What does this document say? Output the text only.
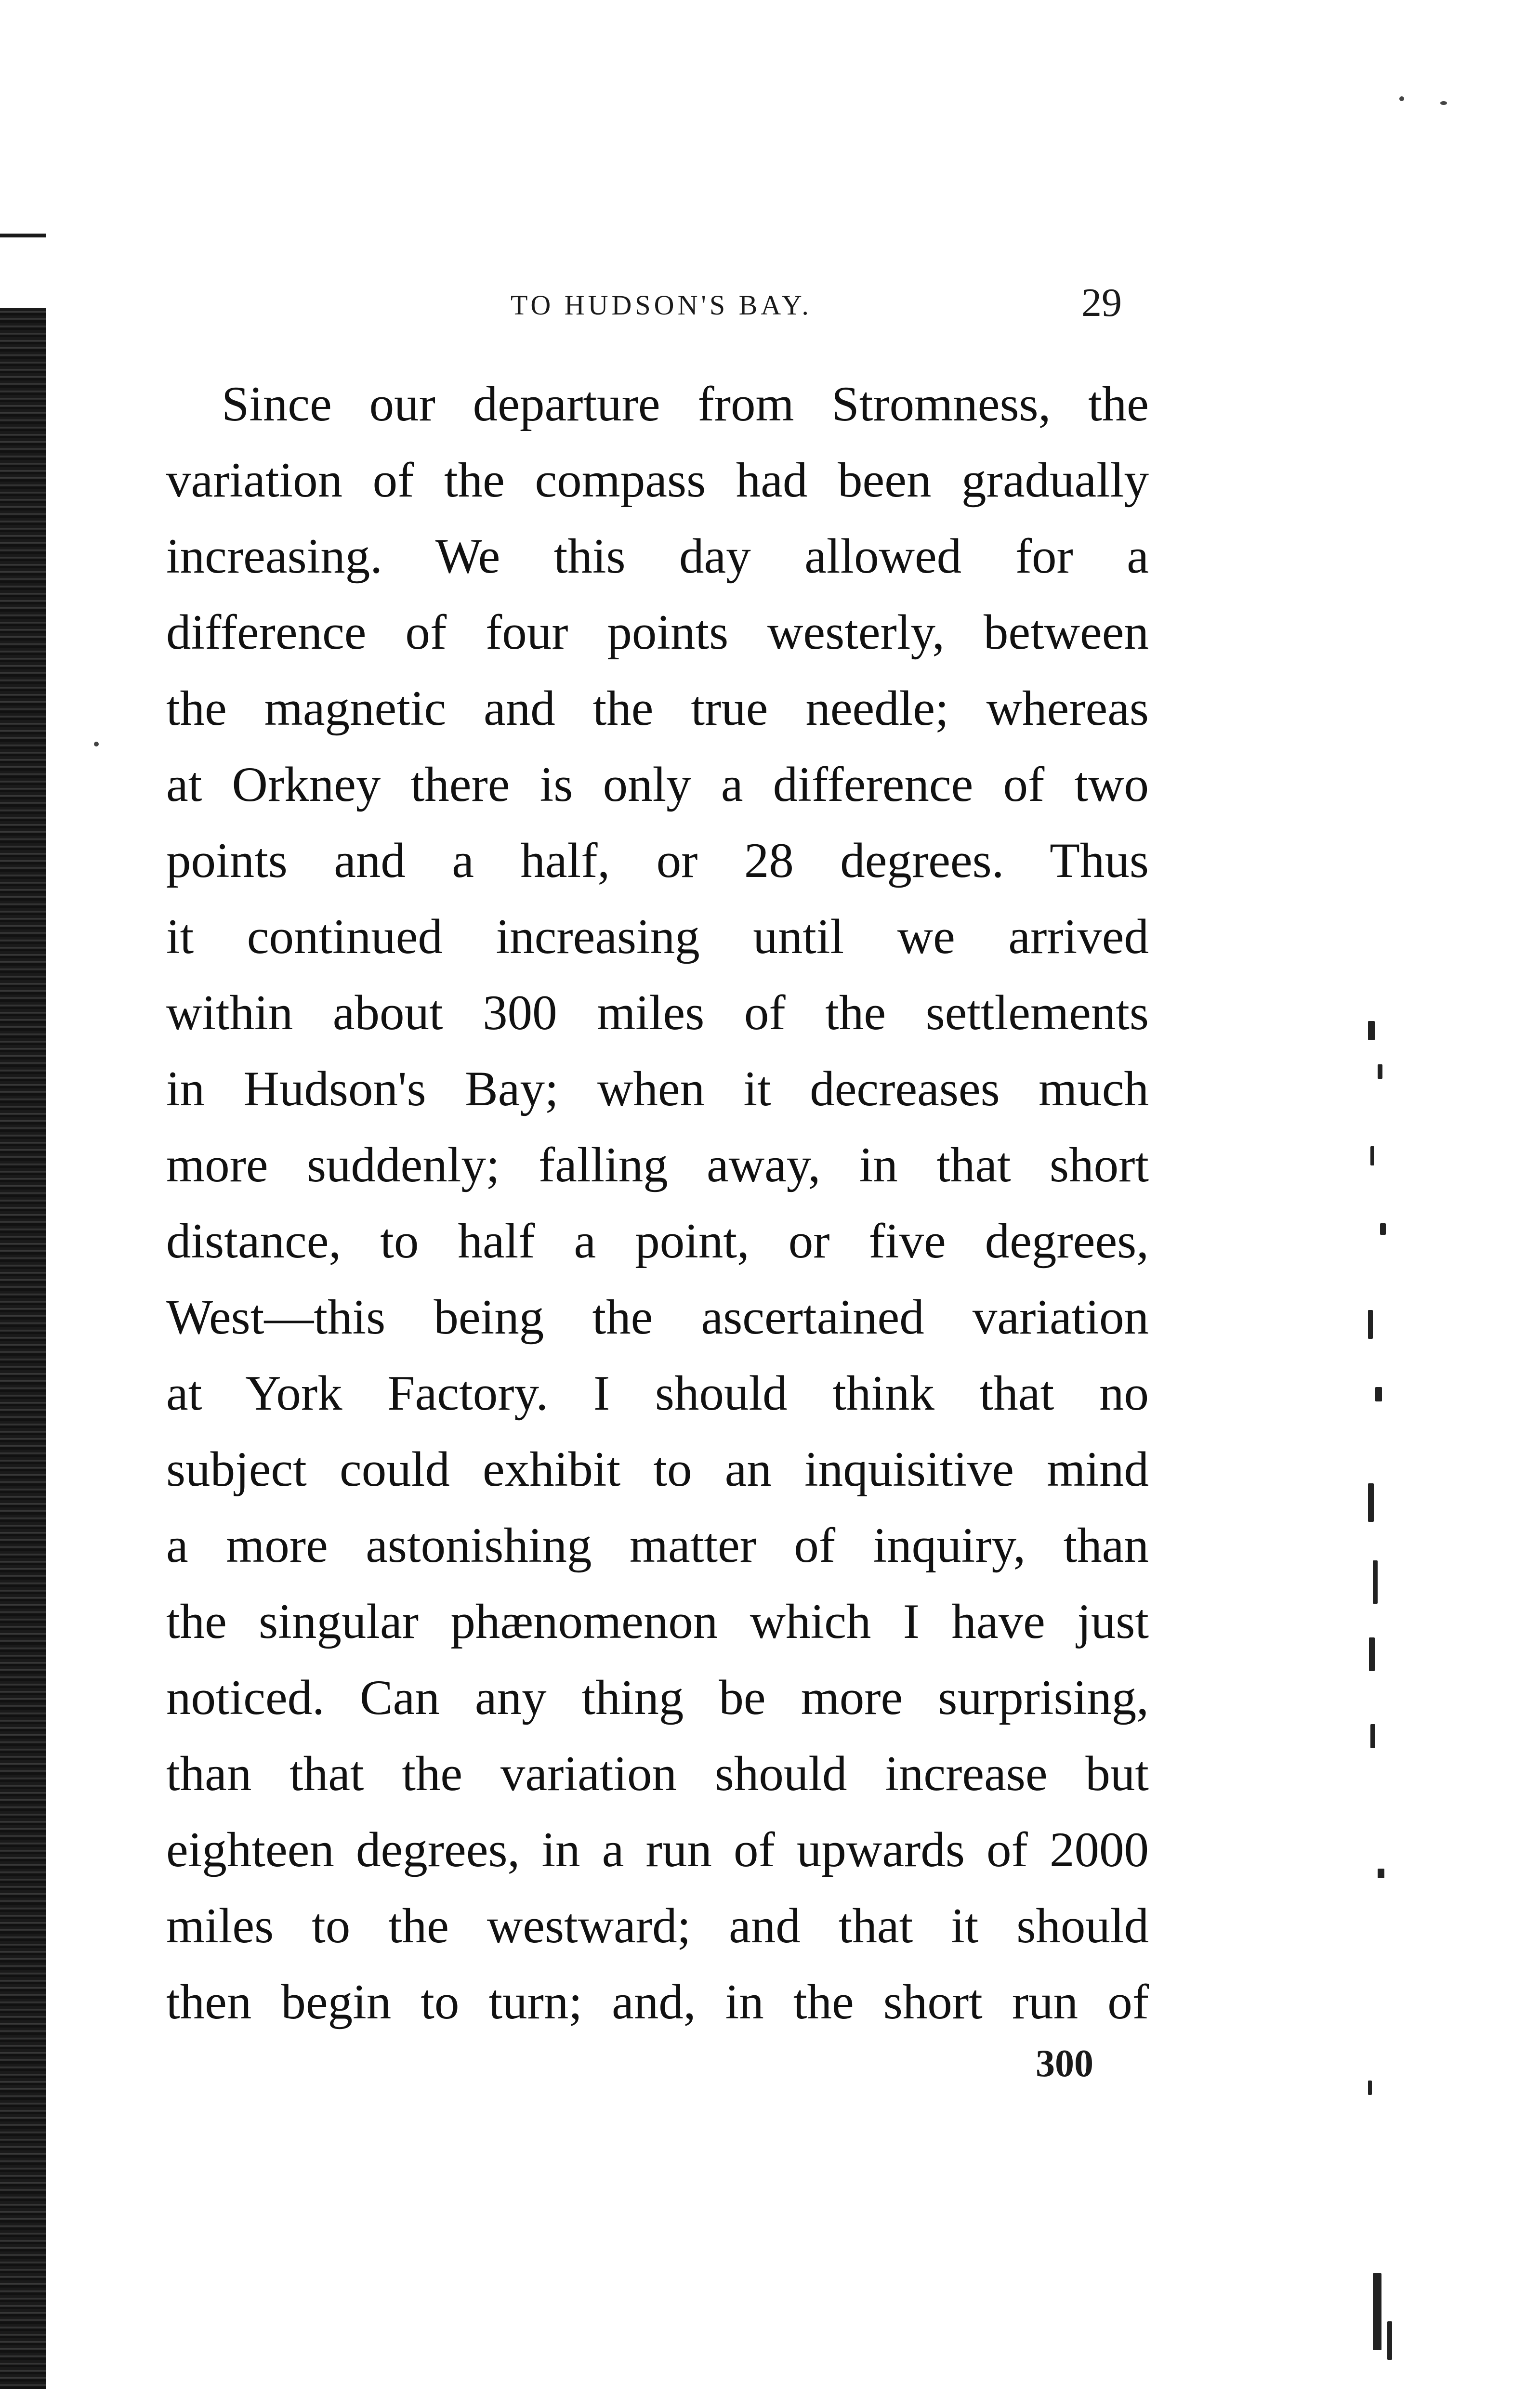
TO HUDSON'S BAY.	29
Since our departure from Stromness, the
variation of the compass had been gradually
increasing. We this day allowed for a
difference of four points westerly, between
the magnetic and the true needle; whereas
at Orkney there is only a difference of two
points and a half, or 28 degrees. Thus
it continued increasing until we arrived
within about 300 miles of the settlements
in Hudson's Bay; when it decreases much
more suddenly; falling away, in that short
distance, to half a point, or five degrees,
West—this being the ascertained variation
at York Factory. I should think that no
subject could exhibit to an inquisitive mind
a more astonishing matter of inquiry, than
the singular phænomenon which I have just
noticed. Can any thing be more surprising,
than that the variation should increase but
eighteen degrees, in a run of upwards of 2000
miles to the westward; and that it should
then begin to turn; and, in the short run of
300
